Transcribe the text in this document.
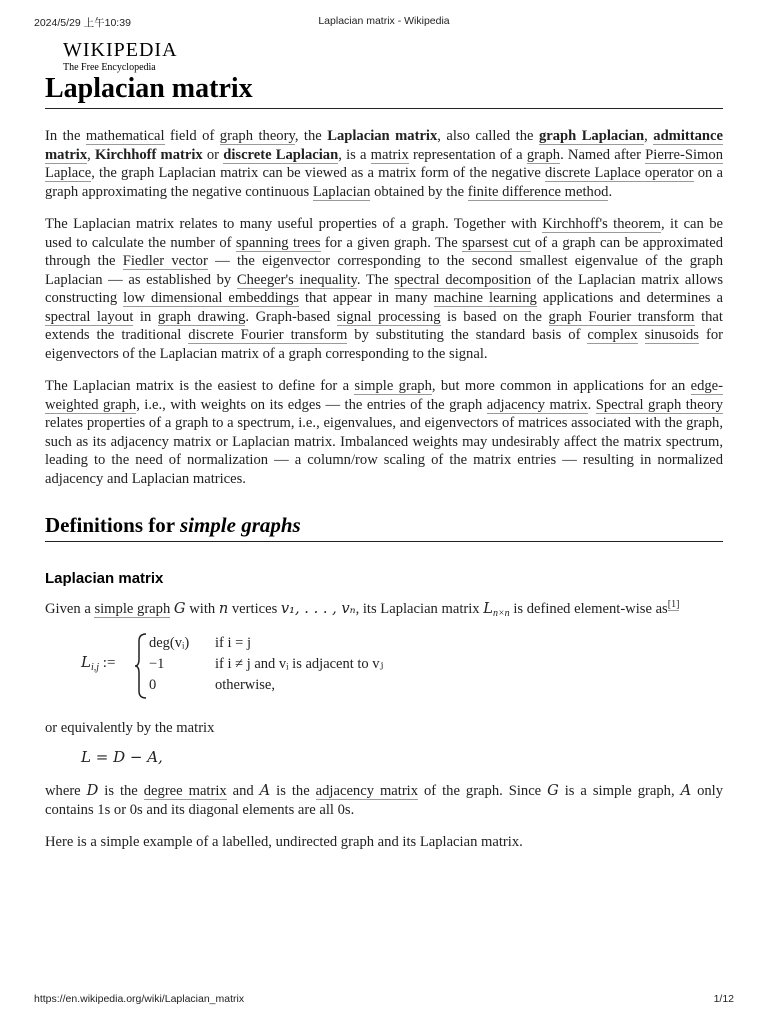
2024/5/29 上午10:39	Laplacian matrix - Wikipedia
WIKIPEDIA
The Free Encyclopedia
Laplacian matrix

In the mathematical field of graph theory, the Laplacian matrix, also called the graph Laplacian, admittance matrix, Kirchhoff matrix or discrete Laplacian, is a matrix representation of a graph. Named after Pierre-Simon Laplace, the graph Laplacian matrix can be viewed as a matrix form of the negative discrete Laplace operator on a graph approximating the negative continuous Laplacian obtained by the finite difference method.

The Laplacian matrix relates to many useful properties of a graph. Together with Kirchhoff's theorem, it can be used to calculate the number of spanning trees for a given graph. The sparsest cut of a graph can be approximated through the Fiedler vector — the eigenvector corresponding to the second smallest eigenvalue of the graph Laplacian — as established by Cheeger's inequality. The spectral decomposition of the Laplacian matrix allows constructing low dimensional embeddings that appear in many machine learning applications and determines a spectral layout in graph drawing. Graph-based signal processing is based on the graph Fourier transform that extends the traditional discrete Fourier transform by substituting the standard basis of complex sinusoids for eigenvectors of the Laplacian matrix of a graph corresponding to the signal.

The Laplacian matrix is the easiest to define for a simple graph, but more common in applications for an edge-weighted graph, i.e., with weights on its edges — the entries of the graph adjacency matrix. Spectral graph theory relates properties of a graph to a spectrum, i.e., eigenvalues, and eigenvectors of matrices associated with the graph, such as its adjacency matrix or Laplacian matrix. Imbalanced weights may undesirably affect the matrix spectrum, leading to the need of normalization — a column/row scaling of the matrix entries — resulting in normalized adjacency and Laplacian matrices.

Definitions for simple graphs
Laplacian matrix

Given a simple graph G with n vertices v₁, . . . , vₙ, its Laplacian matrix $L_{n\times n}$ is defined element-wise as[1]

$L_{i,j}$ :=
deg(vᵢ)	if i = j
−1	if i ≠ j and vᵢ is adjacent to vⱼ
0	otherwise,

or equivalently by the matrix

L = D − A,

where D is the degree matrix and A is the adjacency matrix of the graph. Since G is a simple graph, A only contains 1s or 0s and its diagonal elements are all 0s.

Here is a simple example of a labelled, undirected graph and its Laplacian matrix.

https://en.wikipedia.org/wiki/Laplacian_matrix	1/12
